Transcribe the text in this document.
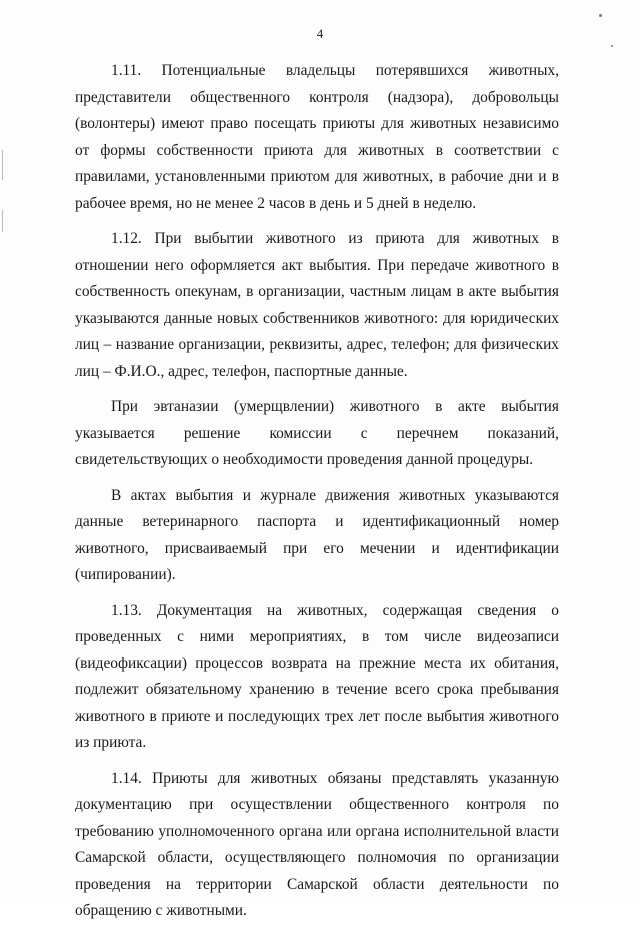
4

1.11. Потенциальные владельцы потерявшихся животных, представители общественного контроля (надзора), добровольцы (волонтеры) имеют право посещать приюты для животных независимо от формы собственности приюта для животных в соответствии с правилами, установленными приютом для животных, в рабочие дни и в рабочее время, но не менее 2 часов в день и 5 дней в неделю.

1.12. При выбытии животного из приюта для животных в отношении него оформляется акт выбытия. При передаче животного в собственность опекунам, в организации, частным лицам в акте выбытия указываются данные новых собственников животного: для юридических лиц – название организации, реквизиты, адрес, телефон; для физических лиц – Ф.И.О., адрес, телефон, паспортные данные.

При эвтаназии (умерщвлении) животного в акте выбытия указывается решение комиссии с перечнем показаний, свидетельствующих о необходимости проведения данной процедуры.

В актах выбытия и журнале движения животных указываются данные ветеринарного паспорта и идентификационный номер животного, присваиваемый при его мечении и идентификации (чипировании).

1.13. Документация на животных, содержащая сведения о проведенных с ними мероприятиях, в том числе видеозаписи (видеофиксации) процессов возврата на прежние места их обитания, подлежит обязательному хранению в течение всего срока пребывания животного в приюте и последующих трех лет после выбытия животного из приюта.

1.14. Приюты для животных обязаны представлять указанную документацию при осуществлении общественного контроля по требованию уполномоченного органа или органа исполнительной власти Самарской области, осуществляющего полномочия по организации проведения на территории Самарской области деятельности по обращению с животными.
